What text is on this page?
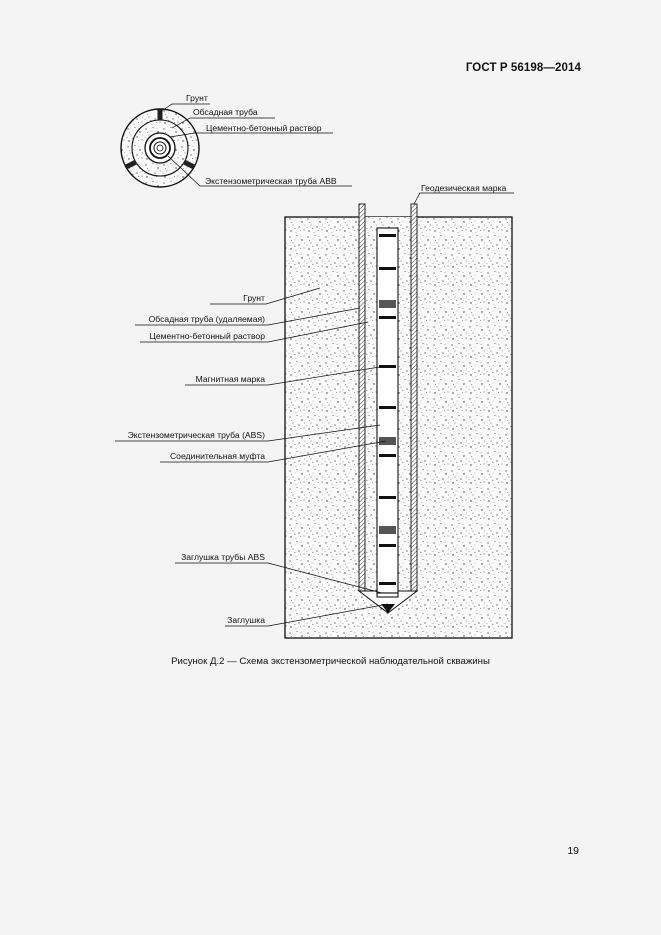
ГОСТ Р 56198—2014
Грунт
Обсадная труба
Цементно-бетонный раствор
Экстензометрическая труба АВВ
Геодезическая марка
Грунт
Обсадная труба (удаляемая)
Цементно-бетонный раствор
Магнитная марка
Экстензометрическая труба (ABS)
Соединительная муфта
Заглушка трубы ABS
Заглушка
Рисунок Д.2 — Схема экстензометрической наблюдательной скважины
19
